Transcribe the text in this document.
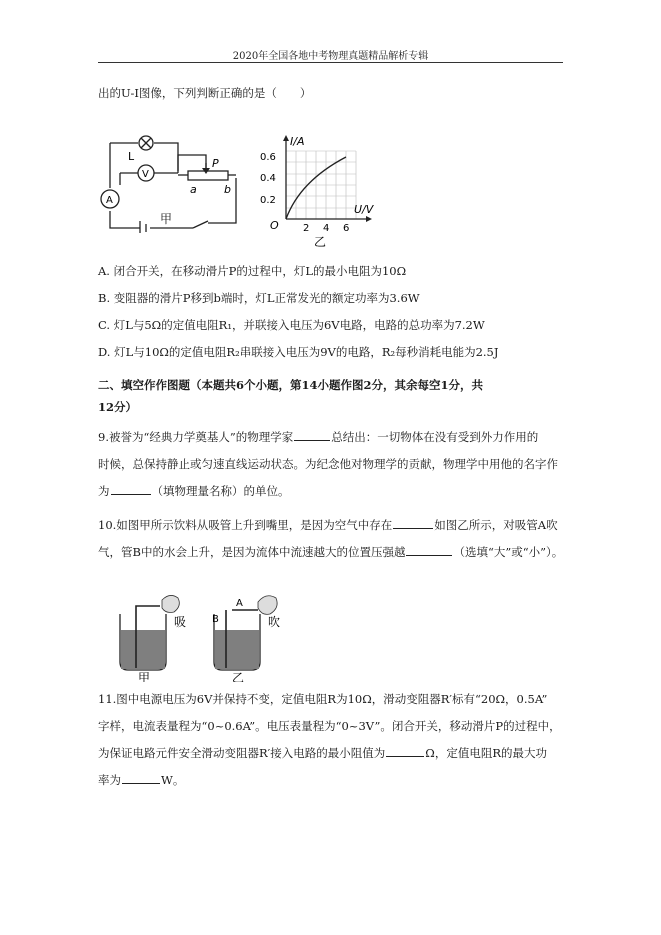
2020年全国各地中考物理真题精品解析专辑
出的U-I图像，下列判断正确的是（　　）
L
V
A
P
a b
甲
I/A
U/V
0.6
0.4
0.2
O 2 4 6
乙
A. 闭合开关，在移动滑片P的过程中，灯L的最小电阻为10Ω
B. 变阻器的滑片P移到b端时，灯L正常发光的额定功率为3.6W
C. 灯L与5Ω的定值电阻R₁，并联接入电压为6V电路，电路的总功率为7.2W
D. 灯L与10Ω的定值电阻R₂串联接入电压为9V的电路，R₂每秒消耗电能为2.5J
二、填空作作图题（本题共6个小题，第14小题作图2分，其余每空1分，共
12分）
9.被誉为“经典力学奠基人”的物理学家	总结出：一切物体在没有受到外力作用的
时候，总保持静止或匀速直线运动状态。为纪念他对物理学的贡献，物理学中用他的名字作
为	（填物理量名称）的单位。
10.如图甲所示饮料从吸管上升到嘴里，是因为空气中存在	如图乙所示，对吸管A吹
气，管B中的水会上升，是因为流体中流速越大的位置压强越	（选填“大”或“小”）。
吸	吹
A
B
甲	乙
11.图中电源电压为6V并保持不变，定值电阻R为10Ω，滑动变阻器R′标有“20Ω，0.5A”
字样，电流表量程为“0~0.6A”。电压表量程为“0~3V”。闭合开关，移动滑片P的过程中，
为保证电路元件安全滑动变阻器R′接入电路的最小阻值为	Ω，定值电阻R的最大功
率为	W。
